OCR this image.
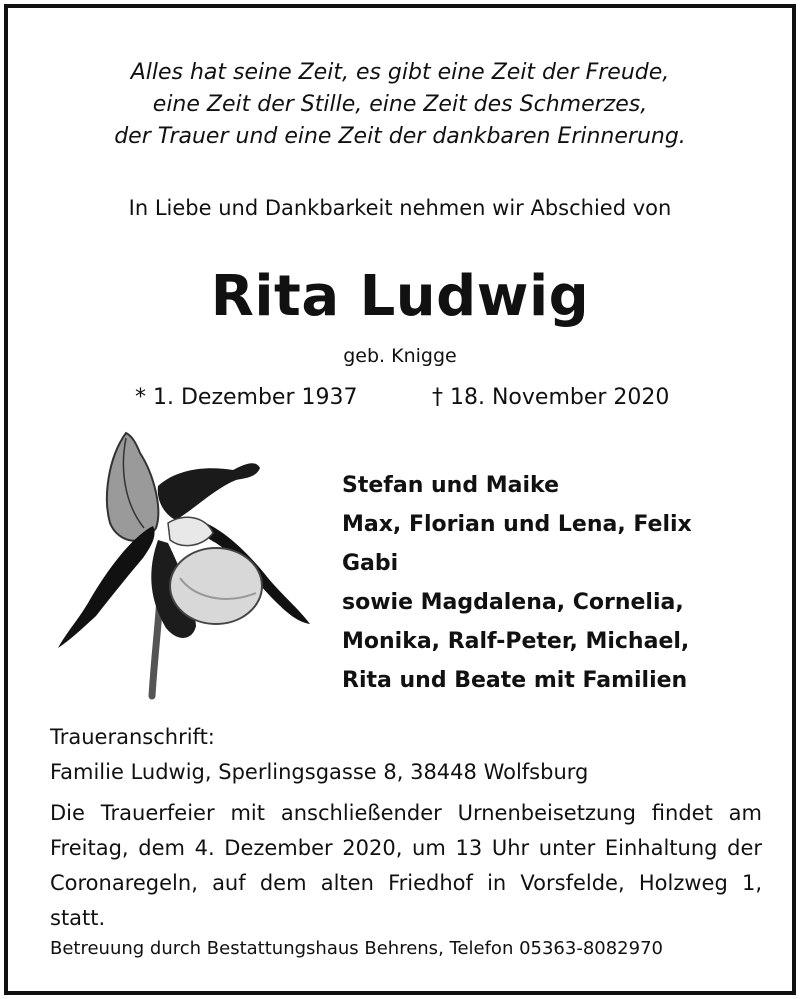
Alles hat seine Zeit, es gibt eine Zeit der Freude,
eine Zeit der Stille, eine Zeit des Schmerzes,
der Trauer und eine Zeit der dankbaren Erinnerung.
In Liebe und Dankbarkeit nehmen wir Abschied von
Rita Ludwig
geb. Knigge
* 1. Dezember 1937	† 18. November 2020
Stefan und Maike
Max, Florian und Lena, Felix
Gabi
sowie Magdalena, Cornelia,
Monika, Ralf-Peter, Michael,
Rita und Beate mit Familien
Traueranschrift:
Familie Ludwig, Sperlingsgasse 8, 38448 Wolfsburg
Die Trauerfeier mit anschließender Urnenbeisetzung findet am
Freitag, dem 4. Dezember 2020, um 13 Uhr unter Einhaltung der
Coronaregeln, auf dem alten Friedhof in Vorsfelde, Holzweg 1,
statt.
Betreuung durch Bestattungshaus Behrens, Telefon 05363-8082970
